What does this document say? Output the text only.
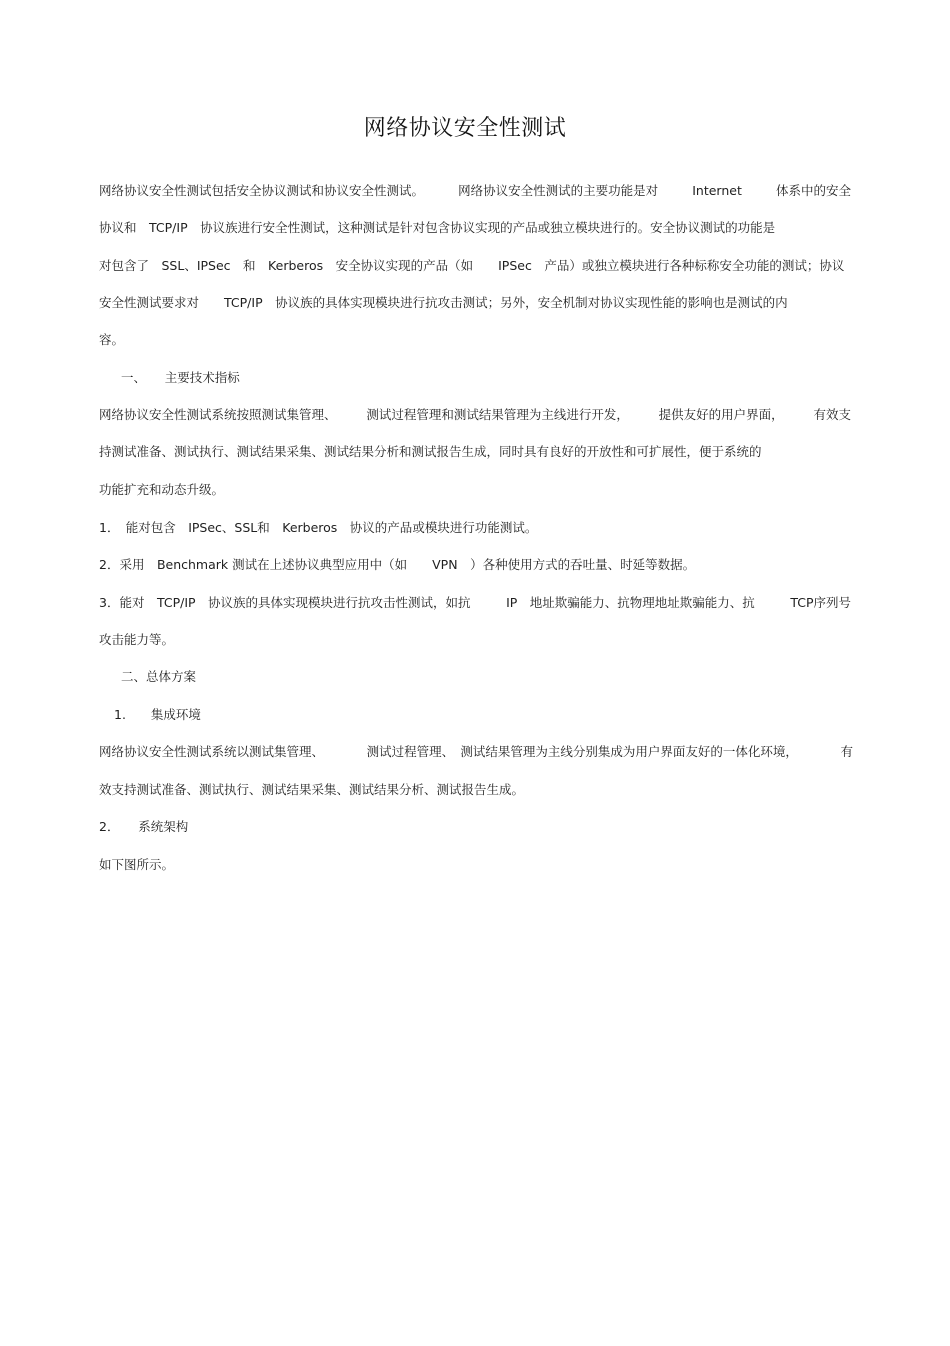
网络协议安全性测试
网络协议安全性测试包括安全协议测试和协议安全性测试。	网络协议安全性测试的主要功能是对	Internet	体系中的安全
协议和　TCP/IP　协议族进行安全性测试，这种测试是针对包含协议实现的产品或独立模块进行的。安全协议测试的功能是
对包含了　SSL、IPSec　和　Kerberos　安全协议实现的产品（如　　IPSec　产品）或独立模块进行各种标称安全功能的测试；协议
安全性测试要求对　　TCP/IP　协议族的具体实现模块进行抗攻击测试；另外，安全机制对协议实现性能的影响也是测试的内
容。
一、　　主要技术指标
网络协议安全性测试系统按照测试集管理、 测试过程管理和测试结果管理为主线进行开发， 提供友好的用户界面， 有效支
持测试准备、测试执行、测试结果采集、测试结果分析和测试报告生成，同时具有良好的开放性和可扩展性，便于系统的
功能扩充和动态升级。
1．　能对包含　IPSec、SSL和　Kerberos　协议的产品或模块进行功能测试。
2．采用　Benchmark 测试在上述协议典型应用中（如　　VPN　）各种使用方式的吞吐量、时延等数据。
3．能对　TCP/IP　协议族的具体实现模块进行抗攻击性测试，如抗	IP　地址欺骗能力、抗物理地址欺骗能力、抗	TCP序列号
攻击能力等。
二、总体方案
1.　　集成环境
网络协议安全性测试系统以测试集管理、	测试过程管理、　测试结果管理为主线分别集成为用户界面友好的一体化环境，	有
效支持测试准备、测试执行、测试结果采集、测试结果分析、测试报告生成。
2．　　系统架构
如下图所示。
